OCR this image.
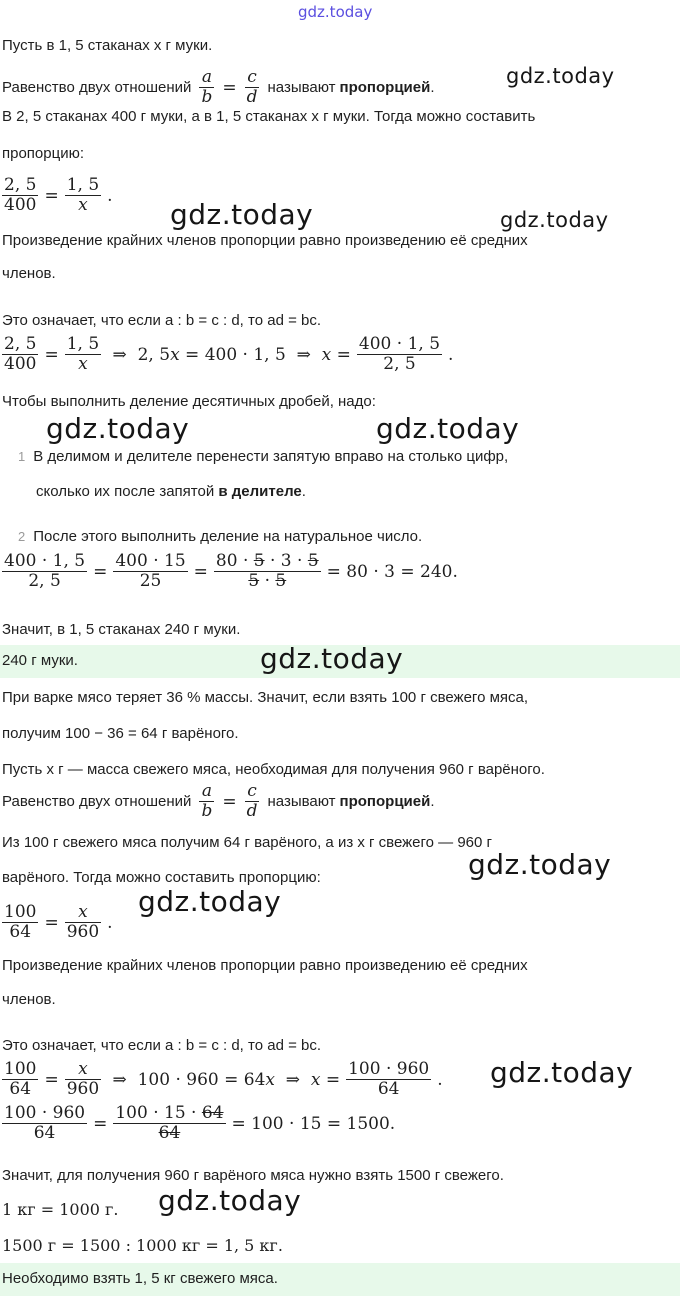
gdz.today
Пусть в 1, 5 стаканах x г муки.
Равенство двух отношений $\frac{a}{b} = \frac{c}{d}$ называют пропорцией .	gdz.today
В 2, 5 стаканах 400 г муки, а в 1, 5 стаканах x г муки. Тогда можно составить
пропорцию:
$\frac{2, 5}{400} = \frac{1, 5}{x}$ .
gdz.today	gdz.today
Произведение крайних членов пропорции равно произведению её средних
членов.
Это означает, что если a : b = c : d, то ad = bc.
$\frac{2, 5}{400} = \frac{1, 5}{x}$ ⇒  2, 5x = 400 · 1, 5  ⇒  $x = \frac{400 \cdot 1, 5}{2, 5}$ .
Чтобы выполнить деление десятичных дробей, надо:
gdz.today	gdz.today
1 В делимом и делителе перенести запятую вправо на столько цифр,
сколько их после запятой в делителе.
2 После этого выполнить деление на натуральное число.
$\frac{400 \cdot 1, 5}{2, 5} = \frac{400 \cdot 15}{25} = \frac{80 \cdot 5 \cdot 3 \cdot 5}{5 \cdot 5} = 80 \cdot 3 = 240$.
Значит, в 1, 5 стаканах 240 г муки.
240 г муки.	gdz.today
При варке мясо теряет 36 % массы. Значит, если взять 100 г свежего мяса,
получим 100 − 36 = 64 г варёного.
Пусть x г — масса свежего мяса, необходимая для получения 960 г варёного.
Равенство двух отношений $\frac{a}{b} = \frac{c}{d}$ называют пропорцией .
Из 100 г свежего мяса получим 64 г варёного, а из x г свежего — 960 г
варёного. Тогда можно составить пропорцию:	gdz.today
$\frac{100}{64} = \frac{x}{960}$ .
gdz.today
Произведение крайних членов пропорции равно произведению её средних
членов.
Это означает, что если a : b = c : d, то ad = bc.
$\frac{100}{64} = \frac{x}{960}$ ⇒  100 · 960 = 64x  ⇒  $x = \frac{100 \cdot 960}{64}$ . gdz.today
$\frac{100 \cdot 960}{64} = \frac{100 \cdot 15 \cdot 64}{64} = 100 \cdot 15 = 1500$.
Значит, для получения 960 г варёного мяса нужно взять 1500 г свежего.
1 кг = 1000 г. gdz.today
1500 г = 1500 : 1000 кг = 1, 5 кг.
Необходимо взять 1, 5 кг свежего мяса.
